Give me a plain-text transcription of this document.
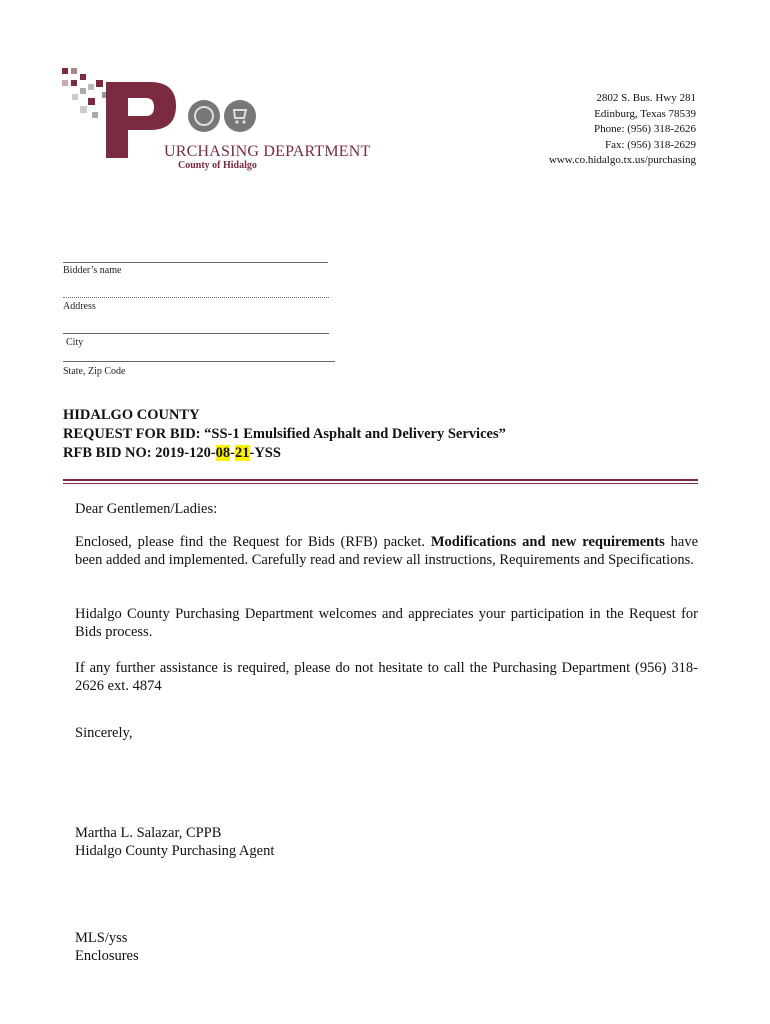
URCHASING DEPARTMENT
County of Hidalgo
2802 S. Bus. Hwy 281
Edinburg, Texas 78539
Phone: (956) 318-2626
Fax: (956) 318-2629
www.co.hidalgo.tx.us/purchasing
Bidder’s name
Address
City
State, Zip Code
HIDALGO COUNTY
REQUEST FOR BID: “SS-1 Emulsified Asphalt and Delivery Services”
RFB BID NO: 2019-120-08-21-YSS
Dear Gentlemen/Ladies:
Enclosed, please find the Request for Bids (RFB) packet. Modifications and new requirements have been added and implemented. Carefully read and review all instructions, Requirements and Specifications.
Hidalgo County Purchasing Department welcomes and appreciates your participation in the Request for Bids process.
If any further assistance is required, please do not hesitate to call the Purchasing Department (956) 318-2626 ext. 4874
Sincerely,
Martha L. Salazar, CPPB
Hidalgo County Purchasing Agent
MLS/yss
Enclosures
